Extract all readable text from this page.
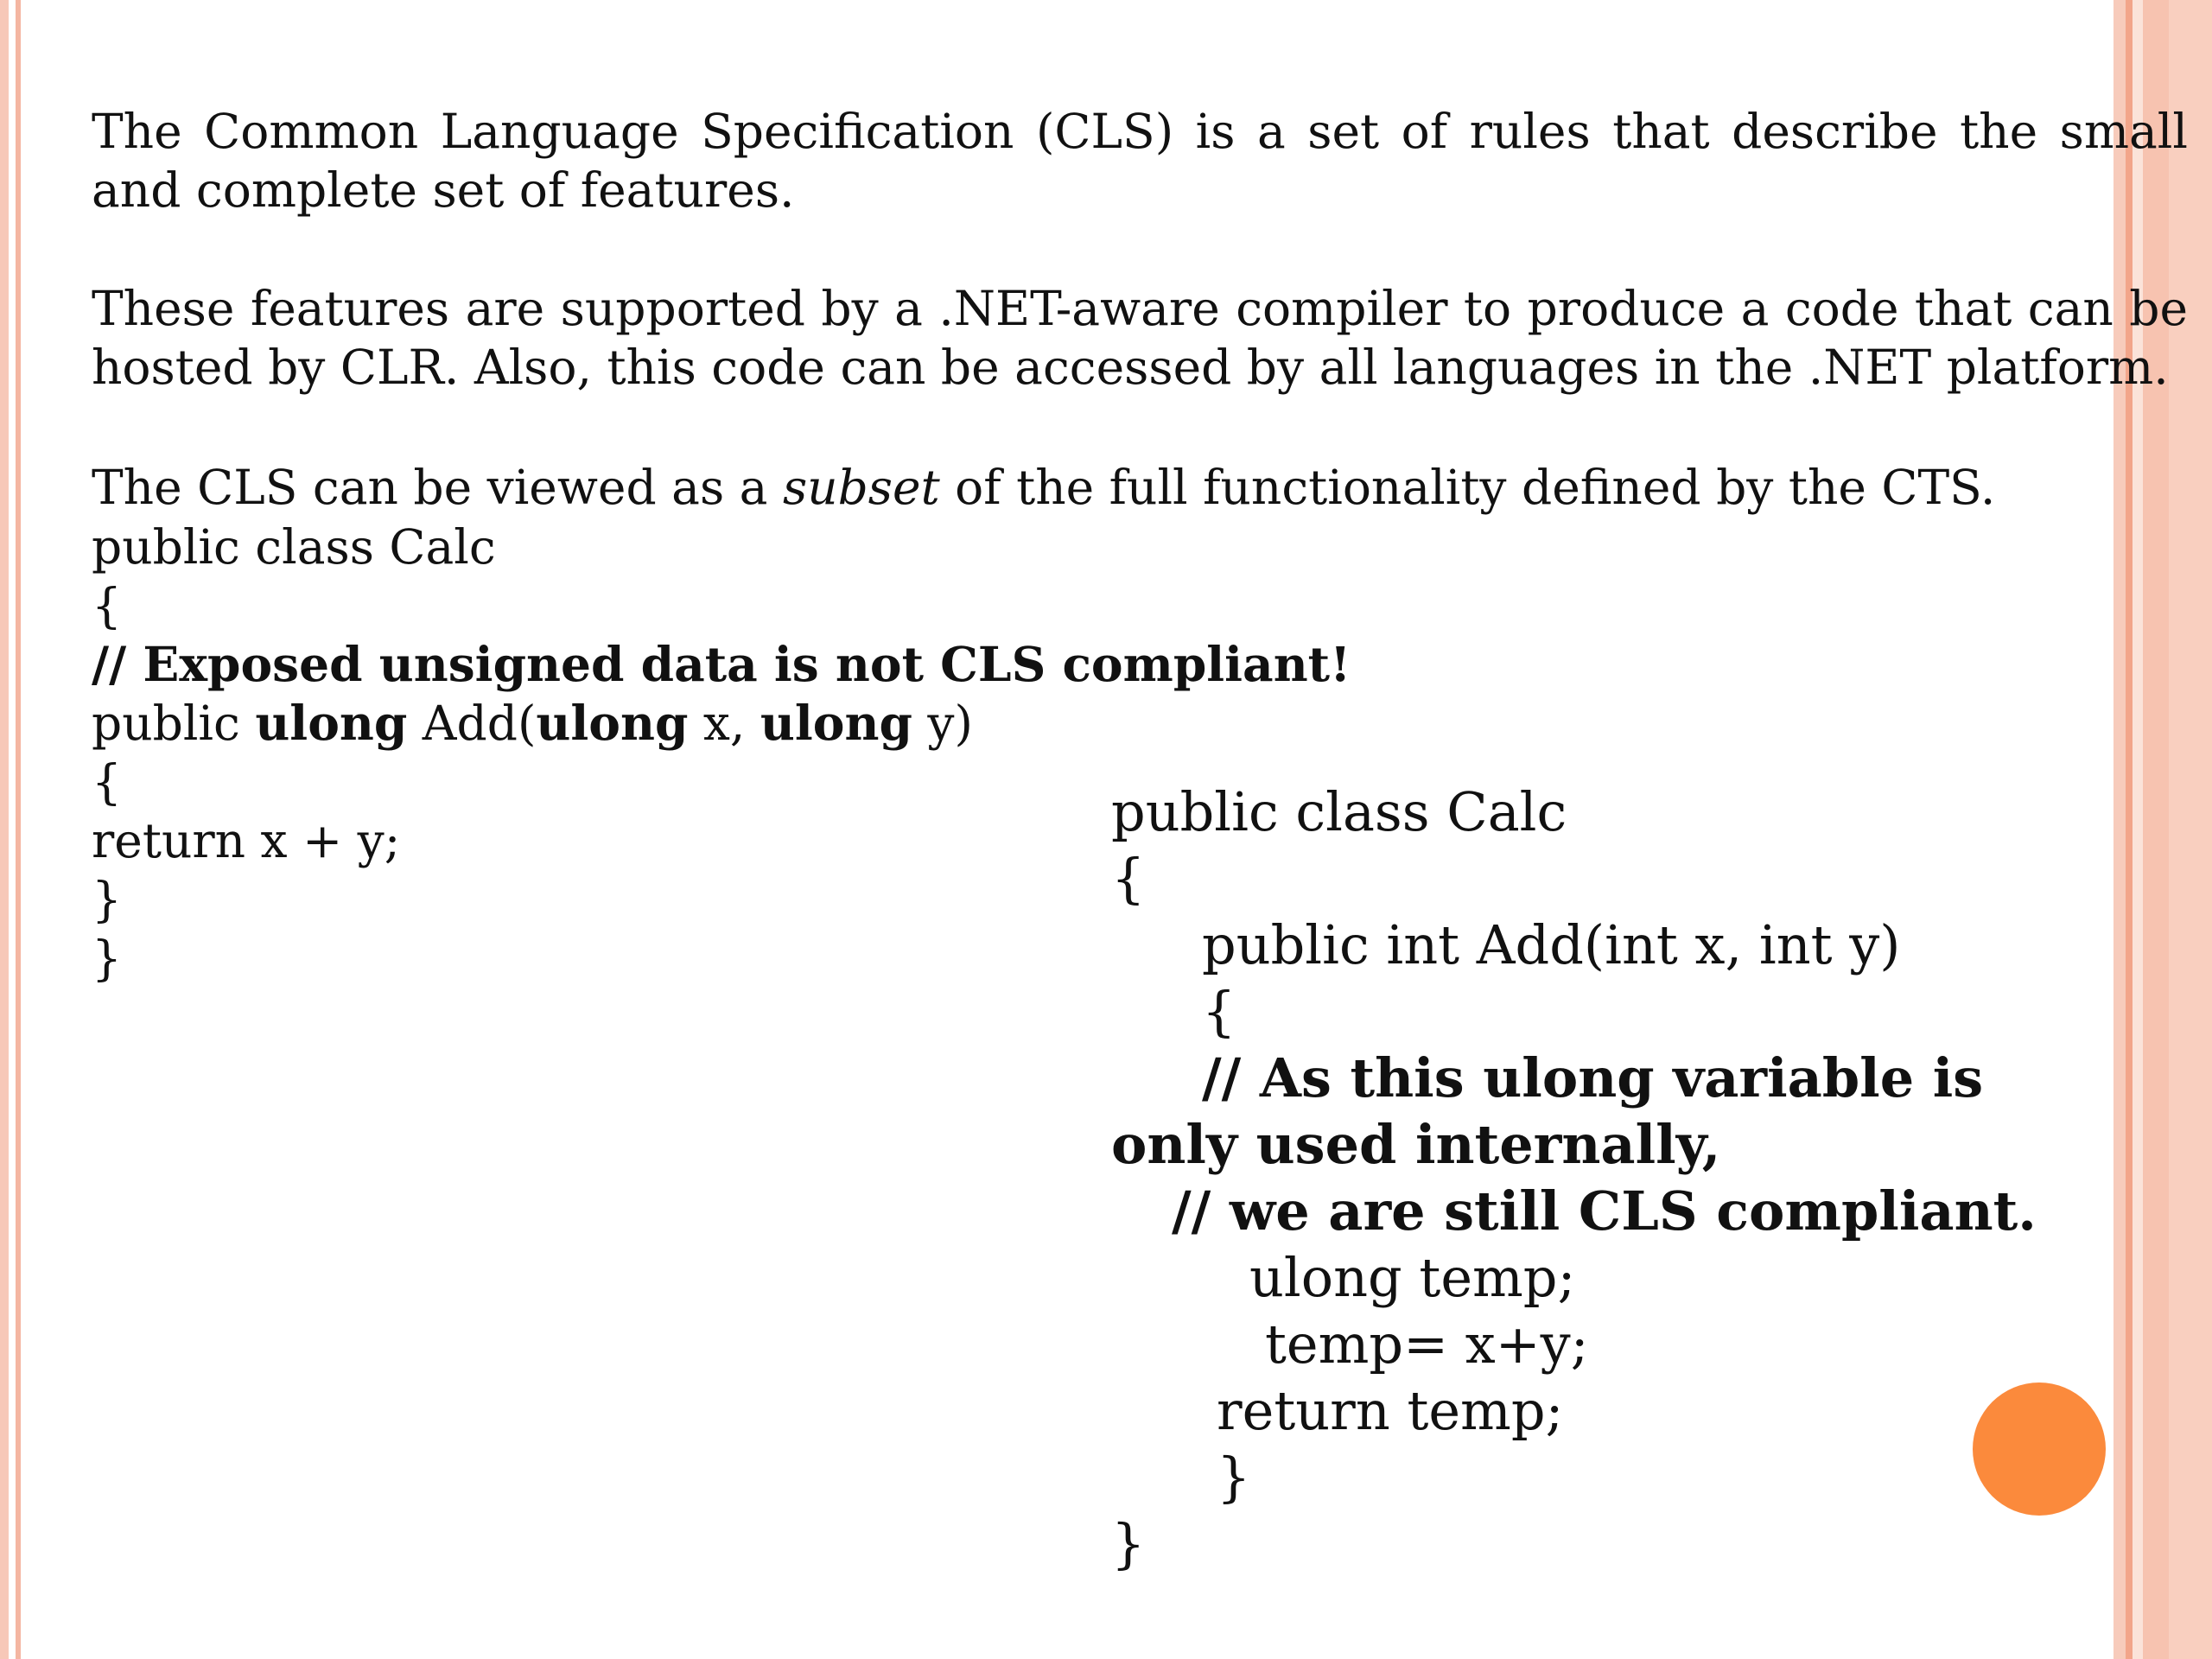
The Common Language Specification (CLS) is a set of rules that describe the small and complete set of features.

These features are supported by a .NET-aware compiler to produce a code that can be hosted by CLR. Also, this code can be accessed by all languages in the .NET platform.

The CLS can be viewed as a subset of the full functionality defined by the CTS.

public class Calc
{
// Exposed unsigned data is not CLS compliant!
public ulong Add(ulong x, ulong y)
{
return x + y;
}
}
public class Calc
{
public int Add(int x, int y)
{
// As this ulong variable is
only used internally,
// we are still CLS compliant.
ulong temp;
temp= x+y;
return temp;
}
}
